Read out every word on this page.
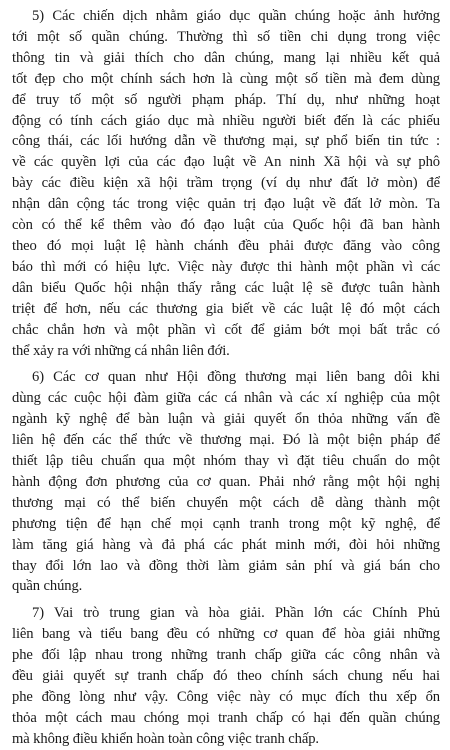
5) Các chiến dịch nhằm giáo dục quần chúng hoặc ảnh hưởng
tới một số quần chúng. Thường thì số tiền chi dụng trong việc
thông tin và giải thích cho dân chúng, mang lại nhiều kết quả
tốt đẹp cho một chính sách hơn là cùng một số tiền mà đem dùng
để truy tố một số người phạm pháp. Thí dụ, như những hoạt
động có tính cách giáo dục mà nhiều người biết đến là các phiếu
công thái, các lối hướng dẫn về thương mại, sự phổ biến tin tức :
về các quyền lợi của các đạo luật về An ninh Xã hội và sự phô
bày các điều kiện xã hội trầm trọng (ví dụ như đất lở mòn) để
nhận dân cộng tác trong việc quản trị đạo luật về đất lở mòn. Ta
còn có thể kể thêm vào đó đạo luật của Quốc hội đã ban hành
theo đó mọi luật lệ hành chánh đều phải được đăng vào công
báo thì mới có hiệu lực. Việc này được thi hành một phần vì các
dân biểu Quốc hội nhận thấy rằng các luật lệ sẽ được tuân hành
triệt để hơn, nếu các thương gia biết về các luật lệ đó một cách
chắc chắn hơn và một phần vì cốt để giảm bớt mọi bất trắc có
thể xảy ra với những cá nhân liên đới.
6) Các cơ quan như Hội đồng thương mại liên bang dôi khi
dùng các cuộc hội đàm giữa các cá nhân và các xí nghiệp của một
ngành kỹ nghệ để bàn luận và giải quyết ổn thỏa những vấn đề
liên hệ đến các thể thức về thương mại. Đó là một biện pháp để
thiết lập tiêu chuẩn qua một nhóm thay vì đặt tiêu chuẩn do một
hành động đơn phương của cơ quan. Phải nhớ rằng một hội nghị
thương mại có thể biến chuyển một cách dễ dàng thành một
phương tiện để hạn chế mọi cạnh tranh trong một kỹ nghệ, để
làm tăng giá hàng và đả phá các phát minh mới, đòi hỏi những
thay đổi lớn lao và đồng thời làm giảm sản phí và giá bán cho
quần chúng.
7) Vai trò trung gian và hòa giải. Phần lớn các Chính Phủ
liên bang và tiểu bang đều có những cơ quan để hòa giải những
phe đối lập nhau trong những tranh chấp giữa các công nhân và
đều giải quyết sự tranh chấp đó theo chính sách chung nếu hai
phe đồng lòng như vậy. Công việc này có mục đích thu xếp ổn
thỏa một cách mau chóng mọi tranh chấp có hại đến quần chúng
mà không điều khiển hoàn toàn công việc tranh chấp.
